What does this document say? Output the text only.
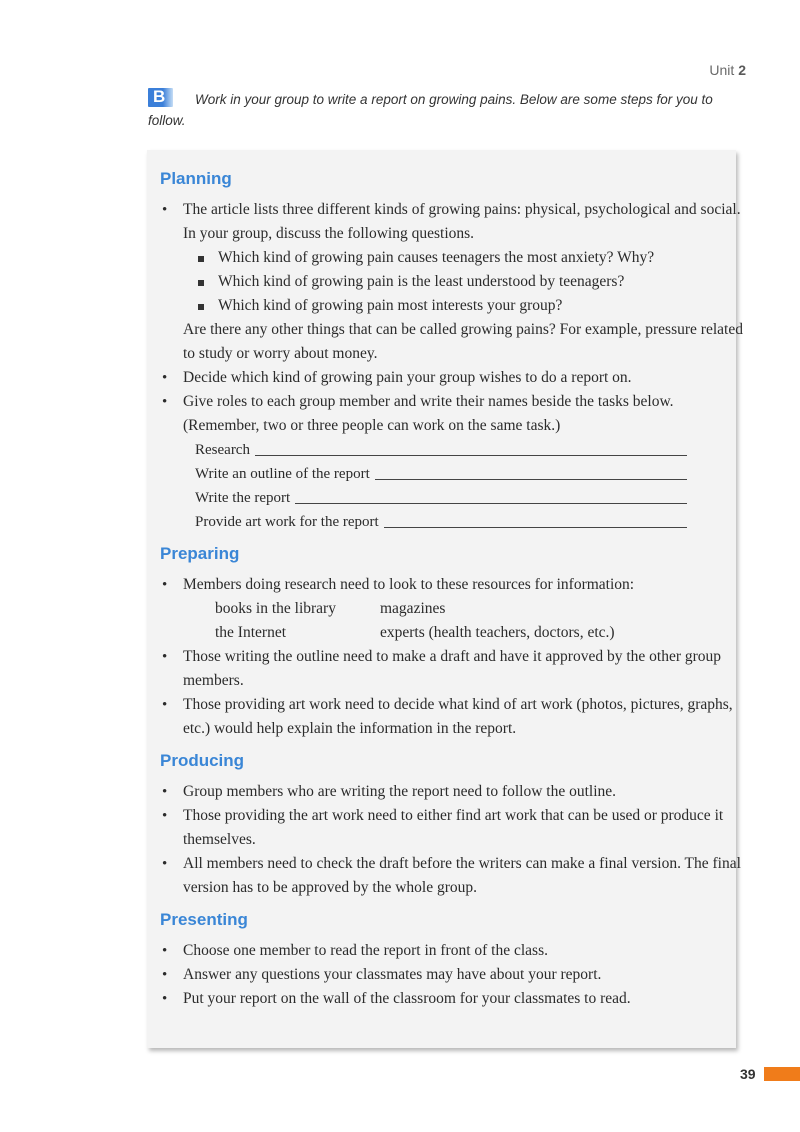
Unit 2
B Work in your group to write a report on growing pains. Below are some steps for you to follow.
Planning
• The article lists three different kinds of growing pains: physical, psychological and social. In your group, discuss the following questions.
Which kind of growing pain causes teenagers the most anxiety? Why?
Which kind of growing pain is the least understood by teenagers?
Which kind of growing pain most interests your group?
Are there any other things that can be called growing pains? For example, pressure related to study or worry about money.
• Decide which kind of growing pain your group wishes to do a report on.
• Give roles to each group member and write their names beside the tasks below. (Remember, two or three people can work on the same task.)
Research
Write an outline of the report
Write the report
Provide art work for the report
Preparing
• Members doing research need to look to these resources for information:
books in the library	magazines
the Internet	experts (health teachers, doctors, etc.)
• Those writing the outline need to make a draft and have it approved by the other group members.
• Those providing art work need to decide what kind of art work (photos, pictures, graphs, etc.) would help explain the information in the report.
Producing
• Group members who are writing the report need to follow the outline.
• Those providing the art work need to either find art work that can be used or produce it themselves.
• All members need to check the draft before the writers can make a final version. The final version has to be approved by the whole group.
Presenting
• Choose one member to read the report in front of the class.
• Answer any questions your classmates may have about your report.
• Put your report on the wall of the classroom for your classmates to read.
39
